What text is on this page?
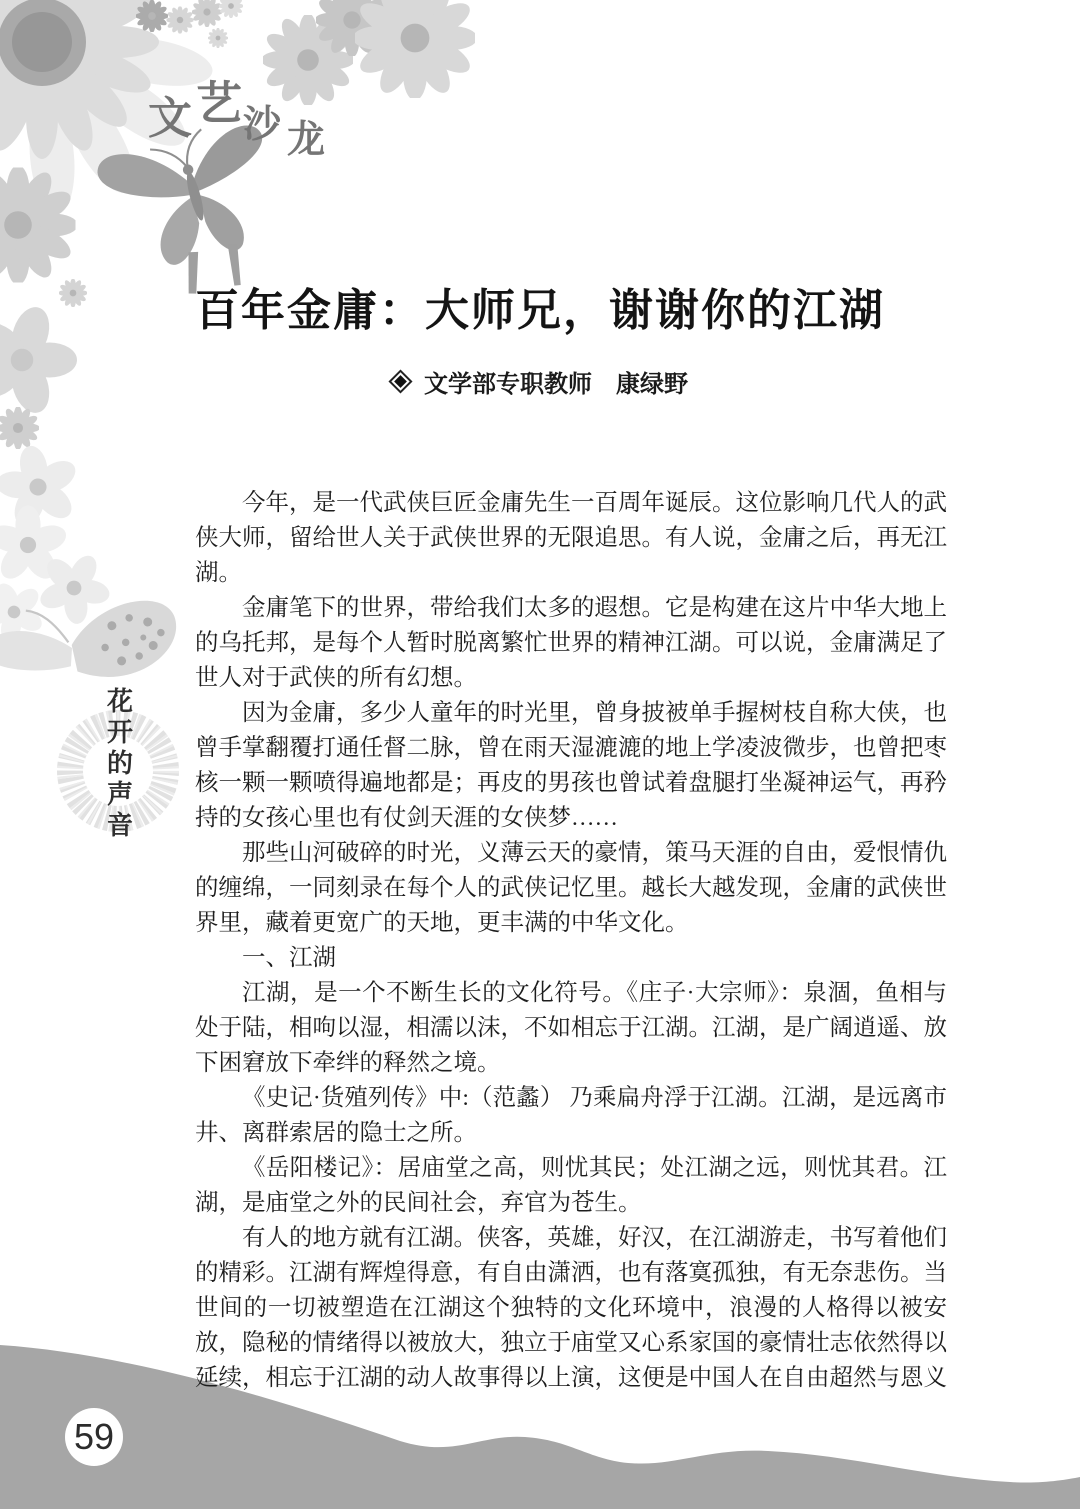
文 艺 沙 龙
百年金庸：大师兄，谢谢你的江湖
文学部专职教师　康绿野

今年，是一代武侠巨匠金庸先生一百周年诞辰。这位影响几代人的武侠大师，留给世人关于武侠世界的无限追思。有人说，金庸之后，再无江湖。

金庸笔下的世界，带给我们太多的遐想。它是构建在这片中华大地上的乌托邦，是每个人暂时脱离繁忙世界的精神江湖。可以说，金庸满足了世人对于武侠的所有幻想。

因为金庸，多少人童年的时光里，曾身披被单手握树枝自称大侠，也曾手掌翻覆打通任督二脉，曾在雨天湿漉漉的地上学凌波微步，也曾把枣核一颗一颗喷得遍地都是；再皮的男孩也曾试着盘腿打坐凝神运气，再矜持的女孩心里也有仗剑天涯的女侠梦……

那些山河破碎的时光，义薄云天的豪情，策马天涯的自由，爱恨情仇的缠绵，一同刻录在每个人的武侠记忆里。越长大越发现，金庸的武侠世界里，藏着更宽广的天地，更丰满的中华文化。

一、江湖

江湖，是一个不断生长的文化符号。《庄子·大宗师》：泉涸，鱼相与处于陆，相呴以湿，相濡以沫，不如相忘于江湖。江湖，是广阔逍遥、放下困窘放下牵绊的释然之境。

《史记·货殖列传》中:（范蠡） 乃乘扁舟浮于江湖。江湖，是远离市井、离群索居的隐士之所。

《岳阳楼记》：居庙堂之高，则忧其民；处江湖之远，则忧其君。江湖，是庙堂之外的民间社会，弃官为苍生。

有人的地方就有江湖。侠客，英雄，好汉，在江湖游走，书写着他们的精彩。江湖有辉煌得意，有自由潇洒，也有落寞孤独，有无奈悲伤。当世间的一切被塑造在江湖这个独特的文化环境中，浪漫的人格得以被安放，隐秘的情绪得以被放大，独立于庙堂又心系家国的豪情壮志依然得以延续，相忘于江湖的动人故事得以上演，这便是中国人在自由超然与恩义

花
开
的
声
音
59
